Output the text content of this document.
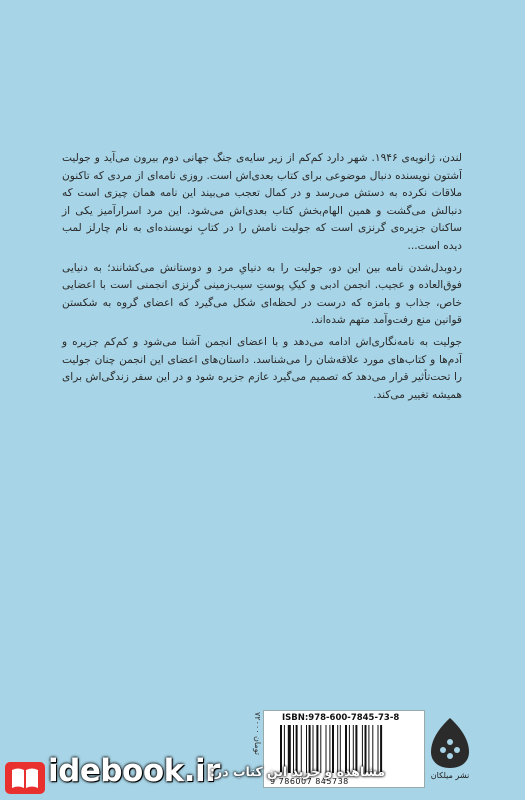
لندن، ژانویه‌ی ۱۹۴۶. شهر دارد کم‌کم از زیر سایه‌ی جنگ جهانی دوم بیرون می‌آید و جولیت اَشتون نویسنده دنبال موضوعی برای کتاب بعدی‌اش است. روزی نامه‌ای از مردی که تاکنون ملاقات نکرده به دستش می‌رسد و در کمال تعجب می‌بیند این نامه همان چیزی است که دنبالش می‌گشت و همین الهام‌بخش کتاب بعدی‌اش می‌شود. این مرد اسرارآمیز یکی از ساکنان جزیره‌ی گرنزی است که جولیت نامش را در کتابِ نویسنده‌ای به نام چارلز لمب دیده است...

ردوبدل‌شدن نامه بین این دو، جولیت را به دنیایِ مرد و دوستانش می‌کشانند؛ به دنیایی فوق‌العاده و عجیب. انجمن ادبی و کیکِ پوستِ سیب‌زمینی گرنزی انجمنی است با اعضایی خاص، جذاب و بامزه که درست در لحظه‌ای شکل می‌گیرد که اعضای گروه به شکستن قوانین منع رفت‌وآمد متهم شده‌اند.

جولیت به نامه‌نگاری‌اش ادامه می‌دهد و با اعضای انجمن آشنا می‌شود و کم‌کم جزیره و آدم‌ها و کتاب‌های مورد علاقه‌شان را می‌شناسد. داستان‌های اعضای این انجمن چنان جولیت را تحت‌تأثیر قرار می‌دهد که تصمیم می‌گیرد عازم جزیره شود و در این سفر زندگی‌اش برای همیشه تغییر می‌کند.

۷۲۰۰۰ تومان
ISBN:978-600-7845-73-8
9 786007 845738
نشر میلکان
idebook.ir
مشاهده و خرید این کتاب در:
